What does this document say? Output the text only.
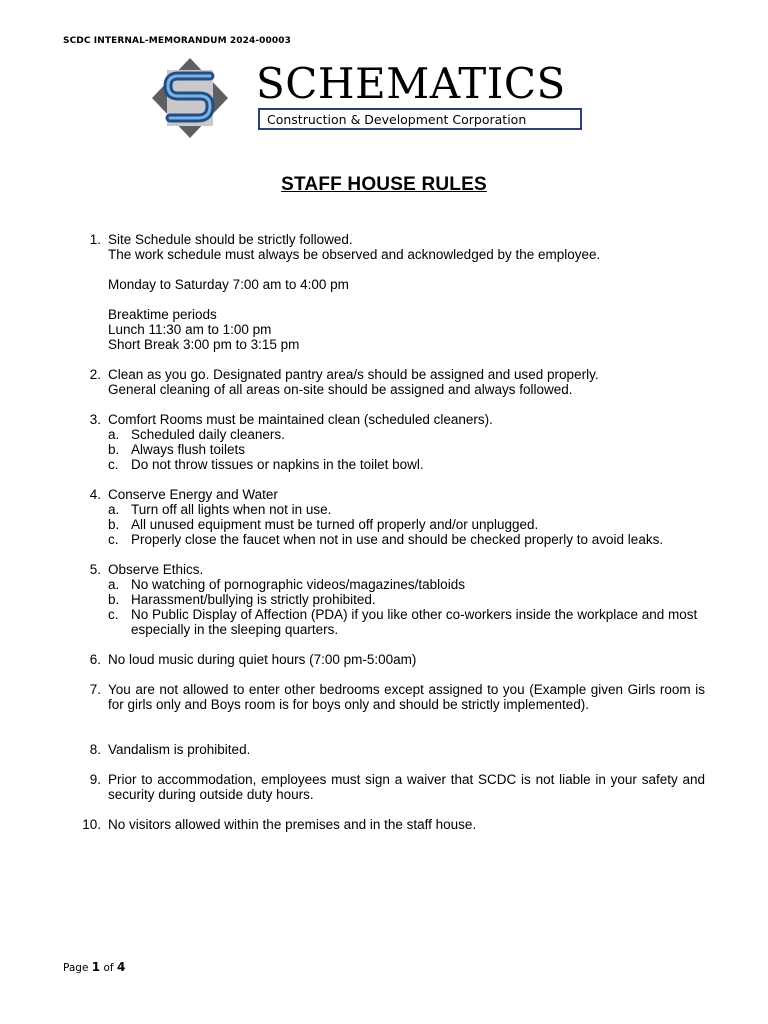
SCDC INTERNAL-MEMORANDUM 2024-00003
SCHEMATICS
Construction & Development Corporation
STAFF HOUSE RULES
1. Site Schedule should be strictly followed.
The work schedule must always be observed and acknowledged by the employee.
Monday to Saturday 7:00 am to 4:00 pm
Breaktime periods
Lunch 11:30 am to 1:00 pm
Short Break 3:00 pm to 3:15 pm
2. Clean as you go. Designated pantry area/s should be assigned and used properly.
General cleaning of all areas on-site should be assigned and always followed.
3. Comfort Rooms must be maintained clean (scheduled cleaners).
a. Scheduled daily cleaners.
b. Always flush toilets
c. Do not throw tissues or napkins in the toilet bowl.
4. Conserve Energy and Water
a. Turn off all lights when not in use.
b. All unused equipment must be turned off properly and/or unplugged.
c. Properly close the faucet when not in use and should be checked properly to avoid leaks.
5. Observe Ethics.
a. No watching of pornographic videos/magazines/tabloids
b. Harassment/bullying is strictly prohibited.
c. No Public Display of Affection (PDA) if you like other co-workers inside the workplace and most especially in the sleeping quarters.
6. No loud music during quiet hours (7:00 pm-5:00am)
7. You are not allowed to enter other bedrooms except assigned to you (Example given Girls room is for girls only and Boys room is for boys only and should be strictly implemented).
8. Vandalism is prohibited.
9. Prior to accommodation, employees must sign a waiver that SCDC is not liable in your safety and security during outside duty hours.
10. No visitors allowed within the premises and in the staff house.
Page 1 of 4
